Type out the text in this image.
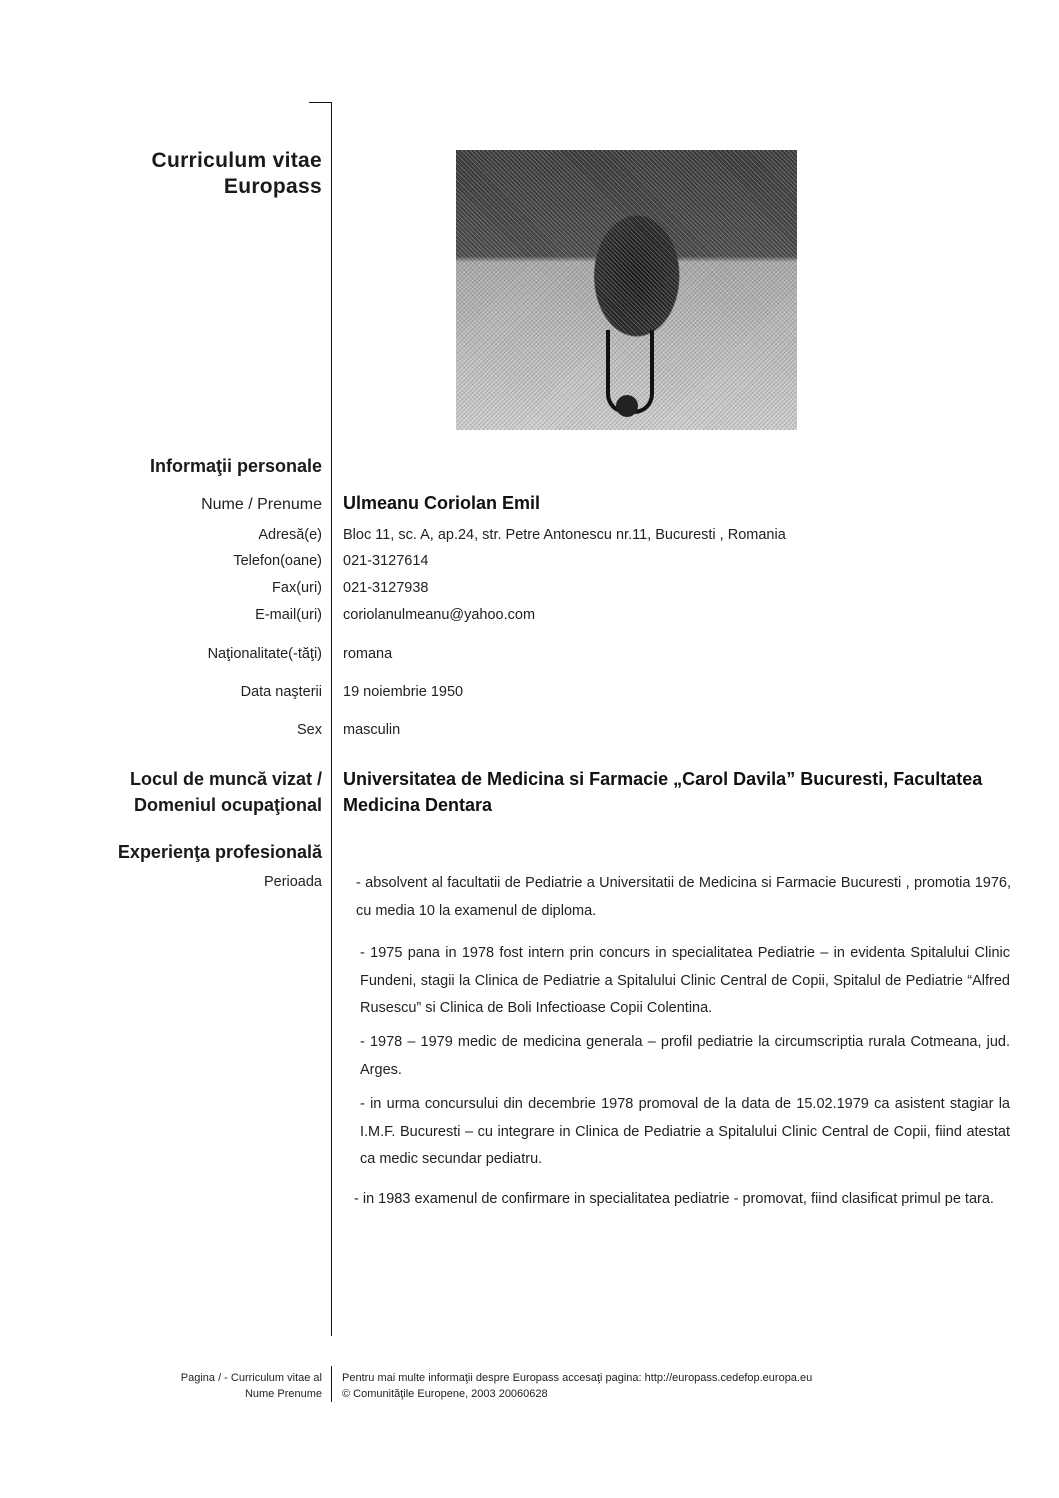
Curriculum vitae
Europass
Informaţii personale
Nume / Prenume Ulmeanu Coriolan Emil
Adresă(e) Bloc 11, sc. A, ap.24, str. Petre Antonescu nr.11, Bucuresti , Romania
Telefon(oane) 021-3127614
Fax(uri) 021-3127938
E-mail(uri) coriolanulmeanu@yahoo.com
Naţionalitate(-tăţi) romana
Data naşterii 19 noiembrie 1950
Sex masculin
Locul de muncă vizat /
Domeniul ocupaţional
Universitatea de Medicina si Farmacie „Carol Davila” Bucuresti, Facultatea
Medicina Dentara
Experienţa profesională
Perioada - absolvent al facultatii de Pediatrie a Universitatii de Medicina si Farmacie Bucuresti , promotia 1976, cu media 10 la examenul de diploma.
- 1975 pana in 1978 fost intern prin concurs in specialitatea Pediatrie – in evidenta Spitalului Clinic Fundeni, stagii la Clinica de Pediatrie a Spitalului Clinic Central de Copii, Spitalul de Pediatrie “Alfred Rusescu” si Clinica de Boli Infectioase Copii Colentina.
- 1978 – 1979 medic de medicina generala – profil pediatrie la circumscriptia rurala Cotmeana, jud. Arges.
- in urma concursului din decembrie 1978 promoval de la data de 15.02.1979 ca asistent stagiar la I.M.F. Bucuresti – cu integrare in Clinica de Pediatrie a Spitalului Clinic Central de Copii, fiind atestat ca medic secundar pediatru.
- in 1983 examenul de confirmare in specialitatea pediatrie - promovat, fiind clasificat primul pe tara.
Pagina / - Curriculum vitae al
Nume Prenume
Pentru mai multe informaţii despre Europass accesaţi pagina: http://europass.cedefop.europa.eu
© Comunităţile Europene, 2003 20060628
